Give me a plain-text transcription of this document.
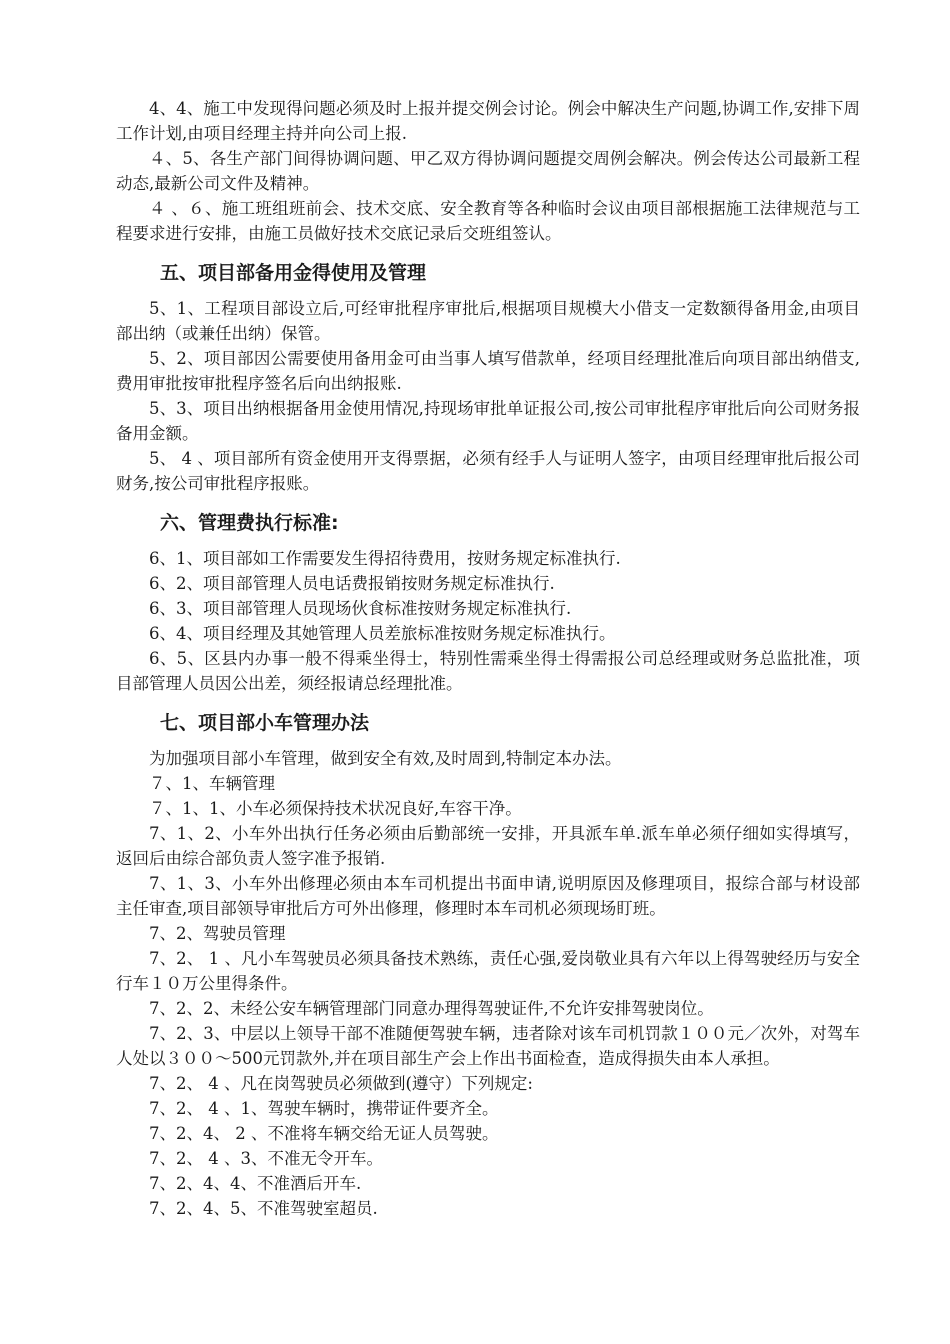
4、4、施工中发现得问题必须及时上报并提交例会讨论。例会中解决生产问题,协调工作,安排下周工作计划,由项目经理主持并向公司上报.

４、5、各生产部门间得协调问题、甲乙双方得协调问题提交周例会解决。例会传达公司最新工程动态,最新公司文件及精神。

４ 、６、施工班组班前会、技术交底、安全教育等各种临时会议由项目部根据施工法律规范与工程要求进行安排，由施工员做好技术交底记录后交班组签认。

五、项目部备用金得使用及管理

5、1、工程项目部设立后,可经审批程序审批后,根据项目规模大小借支一定数额得备用金,由项目部出纳（或兼任出纳）保管。

5、2、项目部因公需要使用备用金可由当事人填写借款单，经项目经理批准后向项目部出纳借支,费用审批按审批程序签名后向出纳报账.

5、3、项目出纳根据备用金使用情况,持现场审批单证报公司,按公司审批程序审批后向公司财务报备用金额。

5、 4 、项目部所有资金使用开支得票据，必须有经手人与证明人签字，由项目经理审批后报公司财务,按公司审批程序报账。

六、管理费执行标准:

6、1、项目部如工作需要发生得招待费用，按财务规定标准执行.

6、2、项目部管理人员电话费报销按财务规定标准执行.

6、3、项目部管理人员现场伙食标准按财务规定标准执行.

6、4、项目经理及其她管理人员差旅标准按财务规定标准执行。

6、5、区县内办事一般不得乘坐得士，特别性需乘坐得士得需报公司总经理或财务总监批准，项目部管理人员因公出差，须经报请总经理批准。

七、项目部小车管理办法

为加强项目部小车管理，做到安全有效,及时周到,特制定本办法。

７、1、车辆管理

７、1、1、小车必须保持技术状况良好,车容干净。

7、1、2、小车外出执行任务必须由后勤部统一安排，开具派车单.派车单必须仔细如实得填写，返回后由综合部负责人签字准予报销.

7、1、3、小车外出修理必须由本车司机提出书面申请,说明原因及修理项目，报综合部与材设部主任审查,项目部领导审批后方可外出修理，修理时本车司机必须现场盯班。

7、2、驾驶员管理

7、2、 1 、凡小车驾驶员必须具备技术熟练，责任心强,爱岗敬业具有六年以上得驾驶经历与安全行车１０万公里得条件。

7、2、2、未经公安车辆管理部门同意办理得驾驶证件,不允许安排驾驶岗位。

7、2、3、中层以上领导干部不准随便驾驶车辆，违者除对该车司机罚款１００元／次外，对驾车人处以３００～500元罚款外,并在项目部生产会上作出书面检查，造成得损失由本人承担。

7、2、 4 、凡在岗驾驶员必须做到(遵守）下列规定:

7、2、 4 、1、驾驶车辆时，携带证件要齐全。

7、2、4、 2 、不准将车辆交给无证人员驾驶。

7、2、 4 、3、不准无令开车。

7、2、4、4、不准酒后开车.

7、2、4、5、不准驾驶室超员.
